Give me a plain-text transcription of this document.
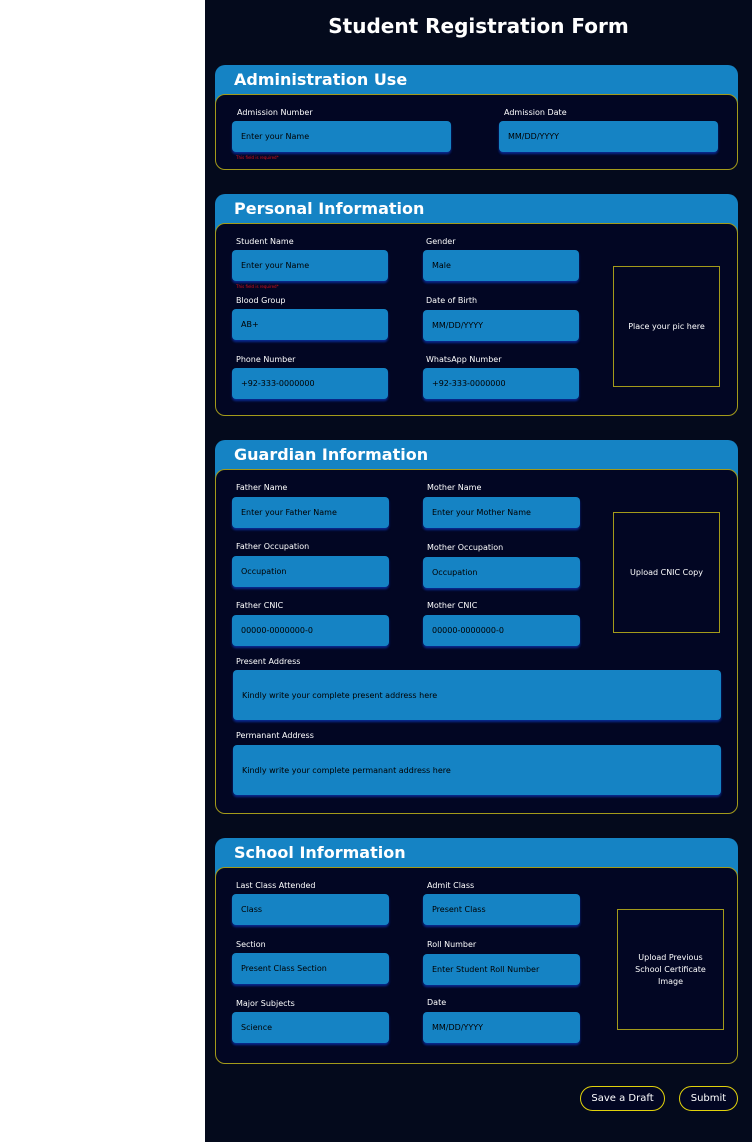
Student Registration Form
Administration Use
Admission Number
Enter your Name
This field is required*
Admission Date
MM/DD/YYYY
Personal Information
Student Name
Enter your Name
This field is required*
Gender
Male
Blood Group
AB+
Date of Birth
MM/DD/YYYY
Phone Number
+92-333-0000000
WhatsApp Number
+92-333-0000000
Place your pic here
Guardian Information
Father Name
Enter your Father Name
Mother Name
Enter your Mother Name
Father Occupation
Occupation
Mother Occupation
Occupation
Father CNIC
00000-0000000-0
Mother CNIC
00000-0000000-0
Upload CNIC Copy
Present Address
Kindly write your complete present address here
Permanant Address
Kindly write your complete permanant address here
School Information
Last Class Attended
Class
Admit Class
Present Class
Section
Present Class Section
Roll Number
Enter Student Roll Number
Major Subjects
Science
Date
MM/DD/YYYY
Upload Previous School Certificate Image
Save a Draft	Submit
